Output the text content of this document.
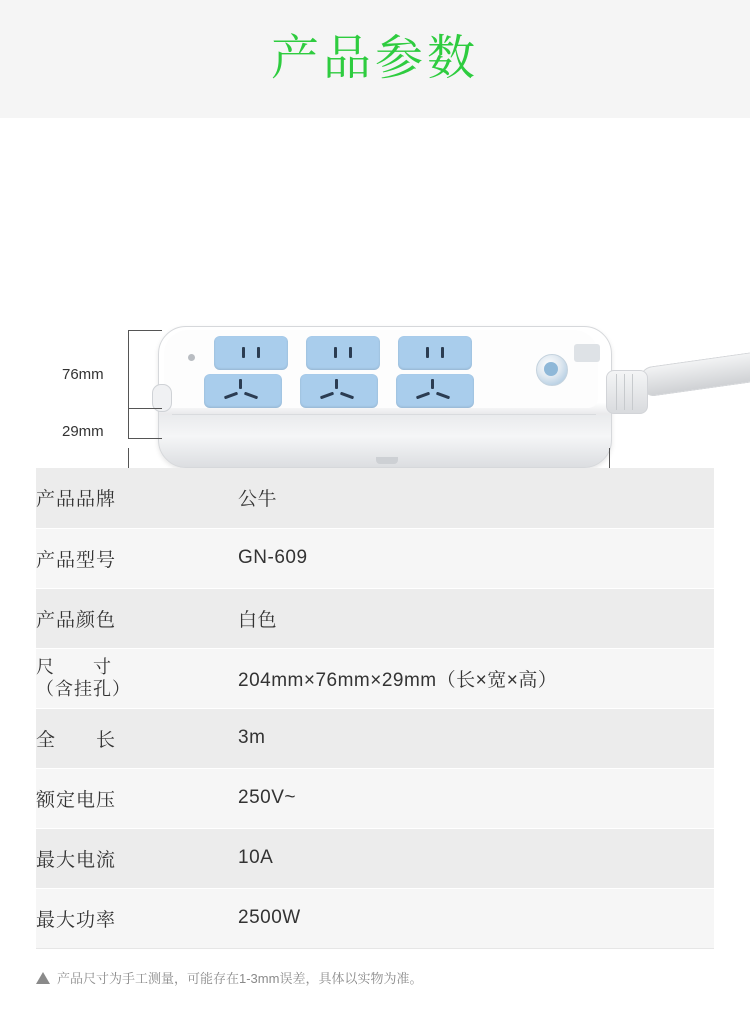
产品参数
76mm
29mm
产品品牌	公牛
产品型号	GN-609
产品颜色	白色

尺　　寸
（含挂孔）	204mm×76mm×29mm（长×宽×高）
全　　长	3m
额定电压	250V~
最大电流	10A
最大功率	2500W
产品尺寸为手工测量，可能存在1-3mm误差，具体以实物为准。
